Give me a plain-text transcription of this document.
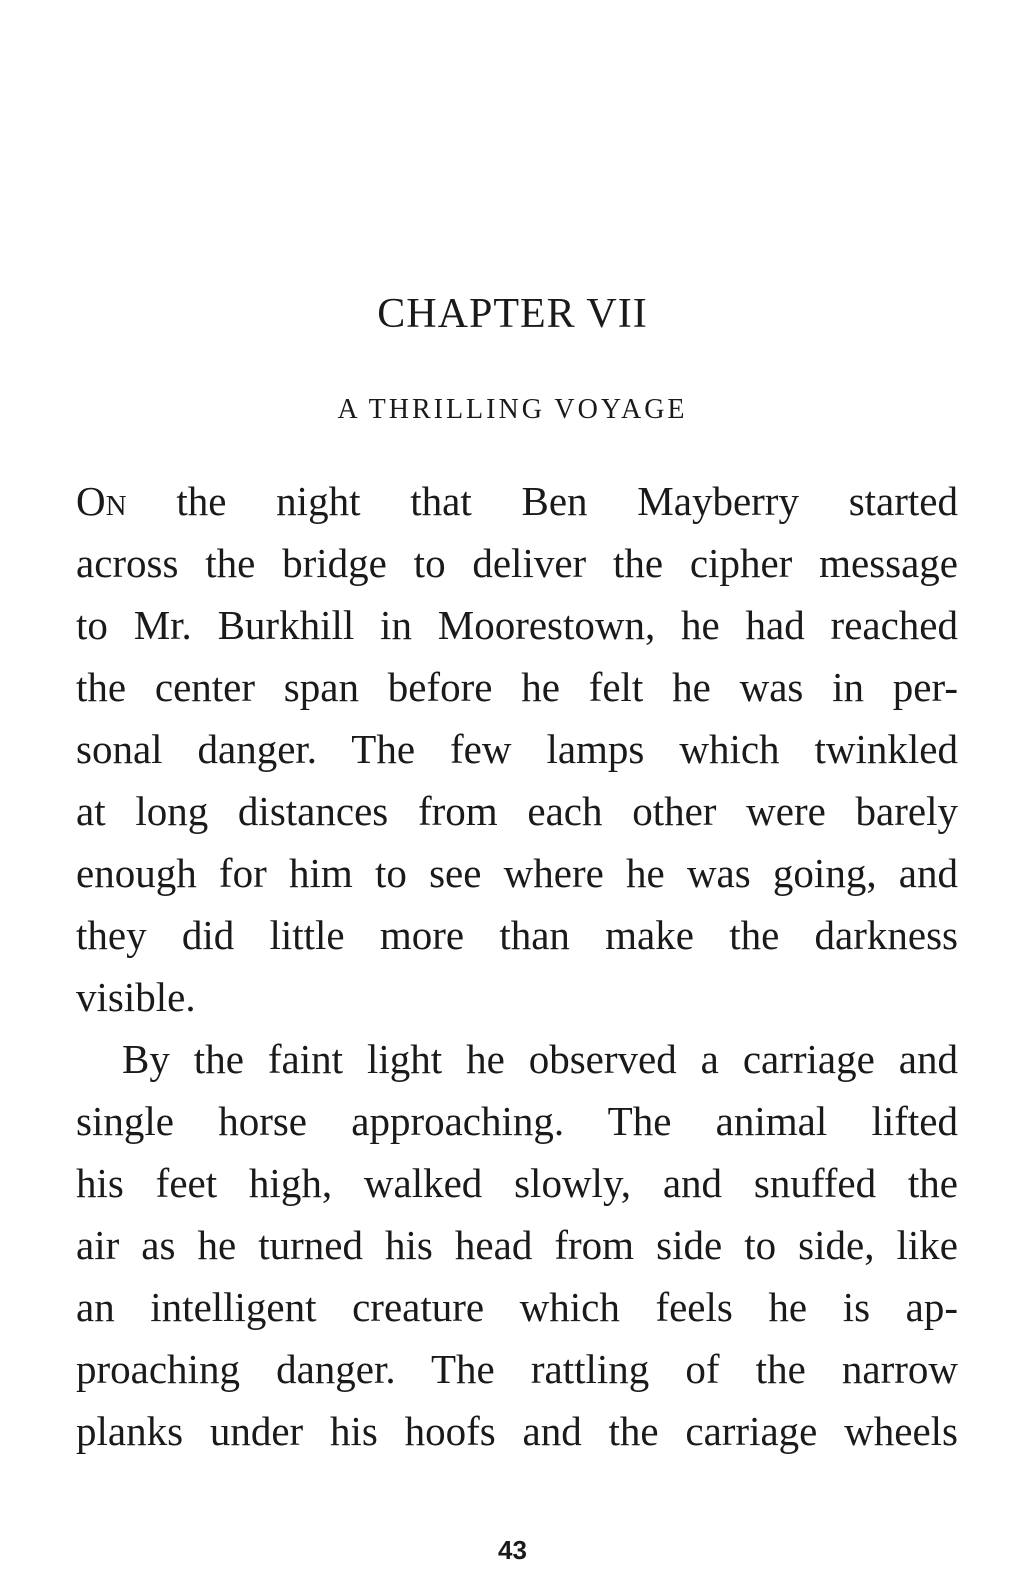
CHAPTER VII
A THRILLING VOYAGE
On the night that Ben Mayberry started
across the bridge to deliver the cipher message
to Mr. Burkhill in Moorestown, he had reached
the center span before he felt he was in per-
sonal danger. The few lamps which twinkled
at long distances from each other were barely
enough for him to see where he was going, and
they did little more than make the darkness
visible.
By the faint light he observed a carriage and
single horse approaching. The animal lifted
his feet high, walked slowly, and snuffed the
air as he turned his head from side to side, like
an intelligent creature which feels he is ap-
proaching danger. The rattling of the narrow
planks under his hoofs and the carriage wheels
43
